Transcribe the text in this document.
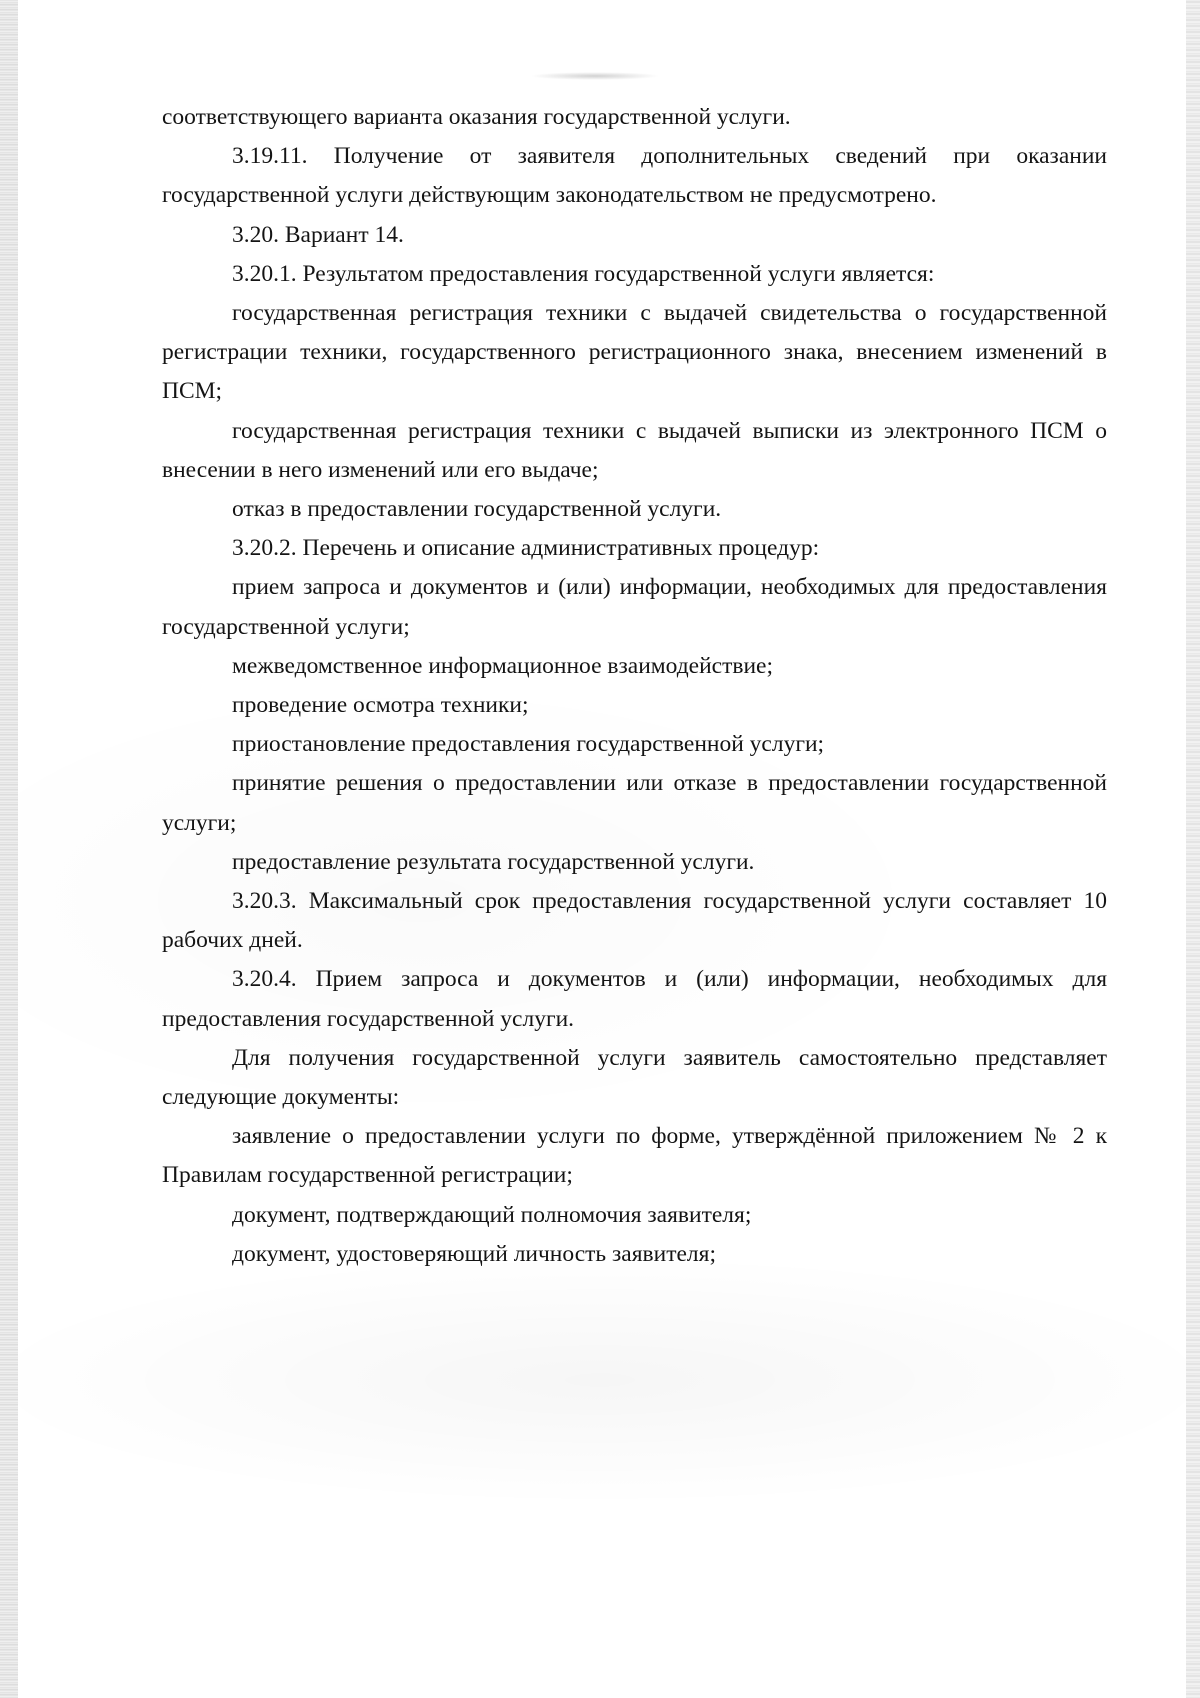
соответствующего варианта оказания государственной услуги.

3.19.11. Получение от заявителя дополнительных сведений при оказании государственной услуги действующим законодательством не предусмотрено.

3.20. Вариант 14.

3.20.1. Результатом предоставления государственной услуги является:

государственная регистрация техники с выдачей свидетельства о государственной регистрации техники, государственного регистрационного знака, внесением изменений в ПСМ;

государственная регистрация техники с выдачей выписки из электронного ПСМ о внесении в него изменений или его выдаче;

отказ в предоставлении государственной услуги.

3.20.2. Перечень и описание административных процедур:

прием запроса и документов и (или) информации, необходимых для предоставления государственной услуги;

межведомственное информационное взаимодействие;

проведение осмотра техники;

приостановление предоставления государственной услуги;

принятие решения о предоставлении или отказе в предоставлении государственной услуги;

предоставление результата государственной услуги.

3.20.3. Максимальный срок предоставления государственной услуги составляет 10 рабочих дней.

3.20.4. Прием запроса и документов и (или) информации, необходимых для предоставления государственной услуги.

Для получения государственной услуги заявитель самостоятельно представляет следующие документы:

заявление о предоставлении услуги по форме, утверждённой приложением № 2 к Правилам государственной регистрации;

документ, подтверждающий полномочия заявителя;

документ, удостоверяющий личность заявителя;
